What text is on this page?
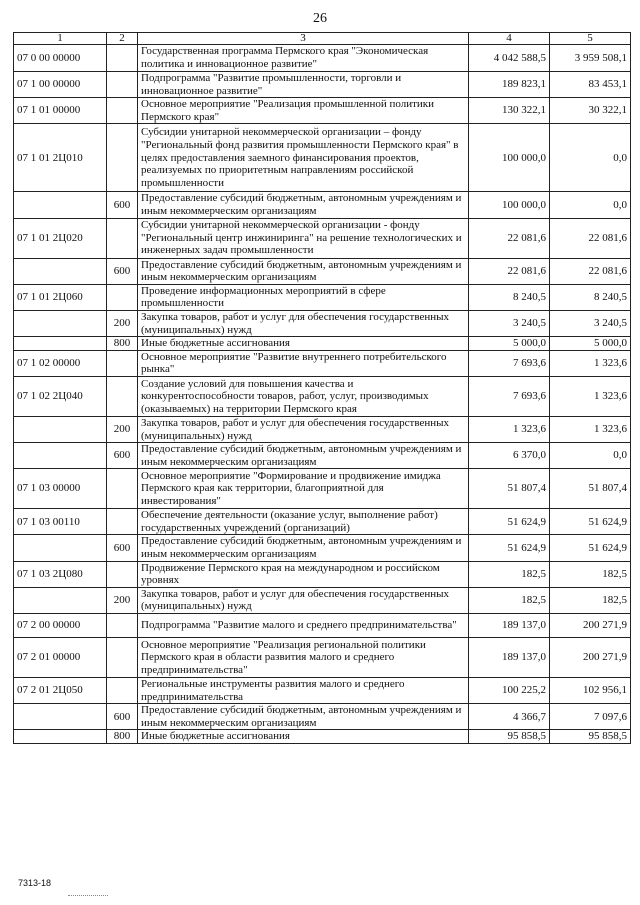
26
1	2	3	4	5
07 0 00 00000		Государственная программа Пермского края "Экономическая политика и инновационное развитие"	4 042 588,5	3 959 508,1
07 1 00 00000		Подпрограмма "Развитие промышленности, торговли и инновационное развитие"	189 823,1	83 453,1
07 1 01 00000		Основное мероприятие "Реализация промышленной политики Пермского края"	130 322,1	30 322,1
07 1 01 2Ц010		Субсидии унитарной некоммерческой организации – фонду "Региональный фонд развития промышленности Пермского края" в целях предоставления заемного финансирования проектов, реализуемых по приоритетным направлениям российской промышленности	100 000,0	0,0
	600	Предоставление субсидий бюджетным, автономным учреждениям и иным некоммерческим организациям	100 000,0	0,0
07 1 01 2Ц020		Субсидии унитарной некоммерческой организации - фонду "Региональный центр инжиниринга" на решение технологических и инженерных задач промышленности	22 081,6	22 081,6
	600	Предоставление субсидий бюджетным, автономным учреждениям и иным некоммерческим организациям	22 081,6	22 081,6
07 1 01 2Ц060		Проведение информационных мероприятий в сфере промышленности	8 240,5	8 240,5
	200	Закупка товаров, работ и услуг для обеспечения государственных (муниципальных) нужд	3 240,5	3 240,5
	800	Иные бюджетные ассигнования	5 000,0	5 000,0
07 1 02 00000		Основное мероприятие "Развитие внутреннего потребительского рынка"	7 693,6	1 323,6
07 1 02 2Ц040		Создание условий для повышения качества и конкурентоспособности товаров, работ, услуг, производимых (оказываемых) на территории Пермского края	7 693,6	1 323,6
	200	Закупка товаров, работ и услуг для обеспечения государственных (муниципальных) нужд	1 323,6	1 323,6
	600	Предоставление субсидий бюджетным, автономным учреждениям и иным некоммерческим организациям	6 370,0	0,0
07 1 03 00000		Основное мероприятие "Формирование и продвижение имиджа Пермского края как территории, благоприятной для инвестирования"	51 807,4	51 807,4
07 1 03 00110		Обеспечение деятельности (оказание услуг, выполнение работ) государственных учреждений (организаций)	51 624,9	51 624,9
	600	Предоставление субсидий бюджетным, автономным учреждениям и иным некоммерческим организациям	51 624,9	51 624,9
07 1 03 2Ц080		Продвижение Пермского края на международном и российском уровнях	182,5	182,5
	200	Закупка товаров, работ и услуг для обеспечения государственных (муниципальных) нужд	182,5	182,5
07 2 00 00000		Подпрограмма "Развитие малого и среднего предпринимательства"	189 137,0	200 271,9
07 2 01 00000		Основное мероприятие "Реализация региональной политики Пермского края в области развития малого и среднего предпринимательства"	189 137,0	200 271,9
07 2 01 2Ц050		Региональные инструменты развития малого и среднего предпринимательства	100 225,2	102 956,1
	600	Предоставление субсидий бюджетным, автономным учреждениям и иным некоммерческим организациям	4 366,7	7 097,6
	800	Иные бюджетные ассигнования	95 858,5	95 858,5
7313-18
